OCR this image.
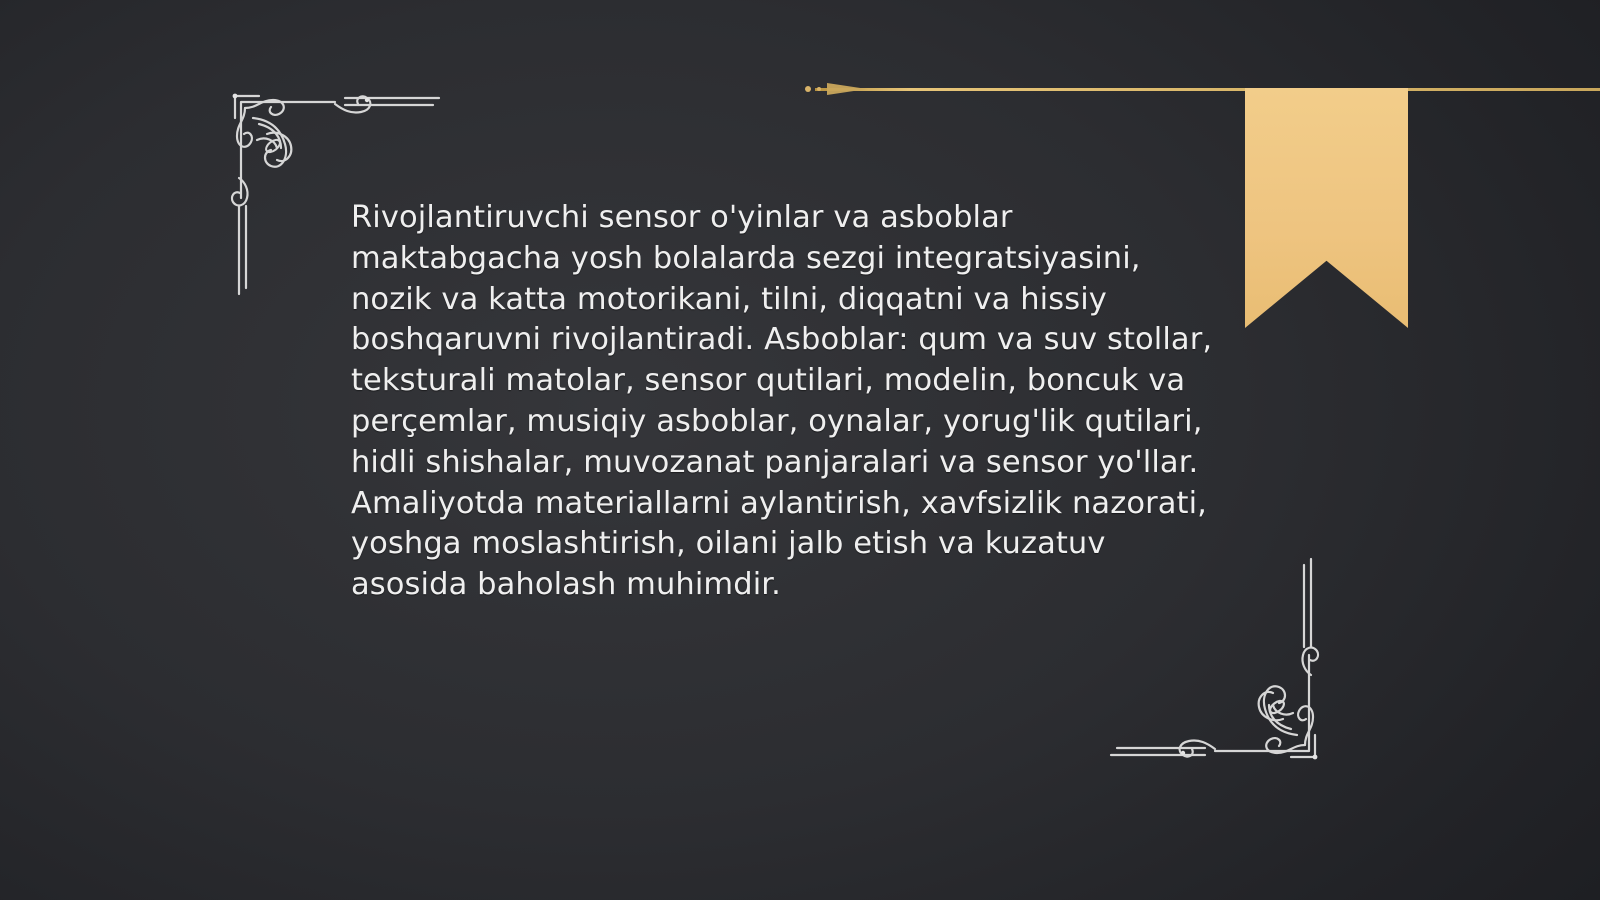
Rivojlantiruvchi sensor o'yinlar va asboblar maktabgacha yosh bolalarda sezgi integratsiyasini, nozik va katta motorikani, tilni, diqqatni va hissiy boshqaruvni rivojlantiradi. Asboblar: qum va suv stollar, teksturali matolar, sensor qutilari, modelin, boncuk va perçemlar, musiqiy asboblar, oynalar, yorug'lik qutilari, hidli shishalar, muvozanat panjaralari va sensor yo'llar. Amaliyotda materiallarni aylantirish, xavfsizlik nazorati, yoshga moslashtirish, oilani jalb etish va kuzatuv asosida baholash muhimdir.
